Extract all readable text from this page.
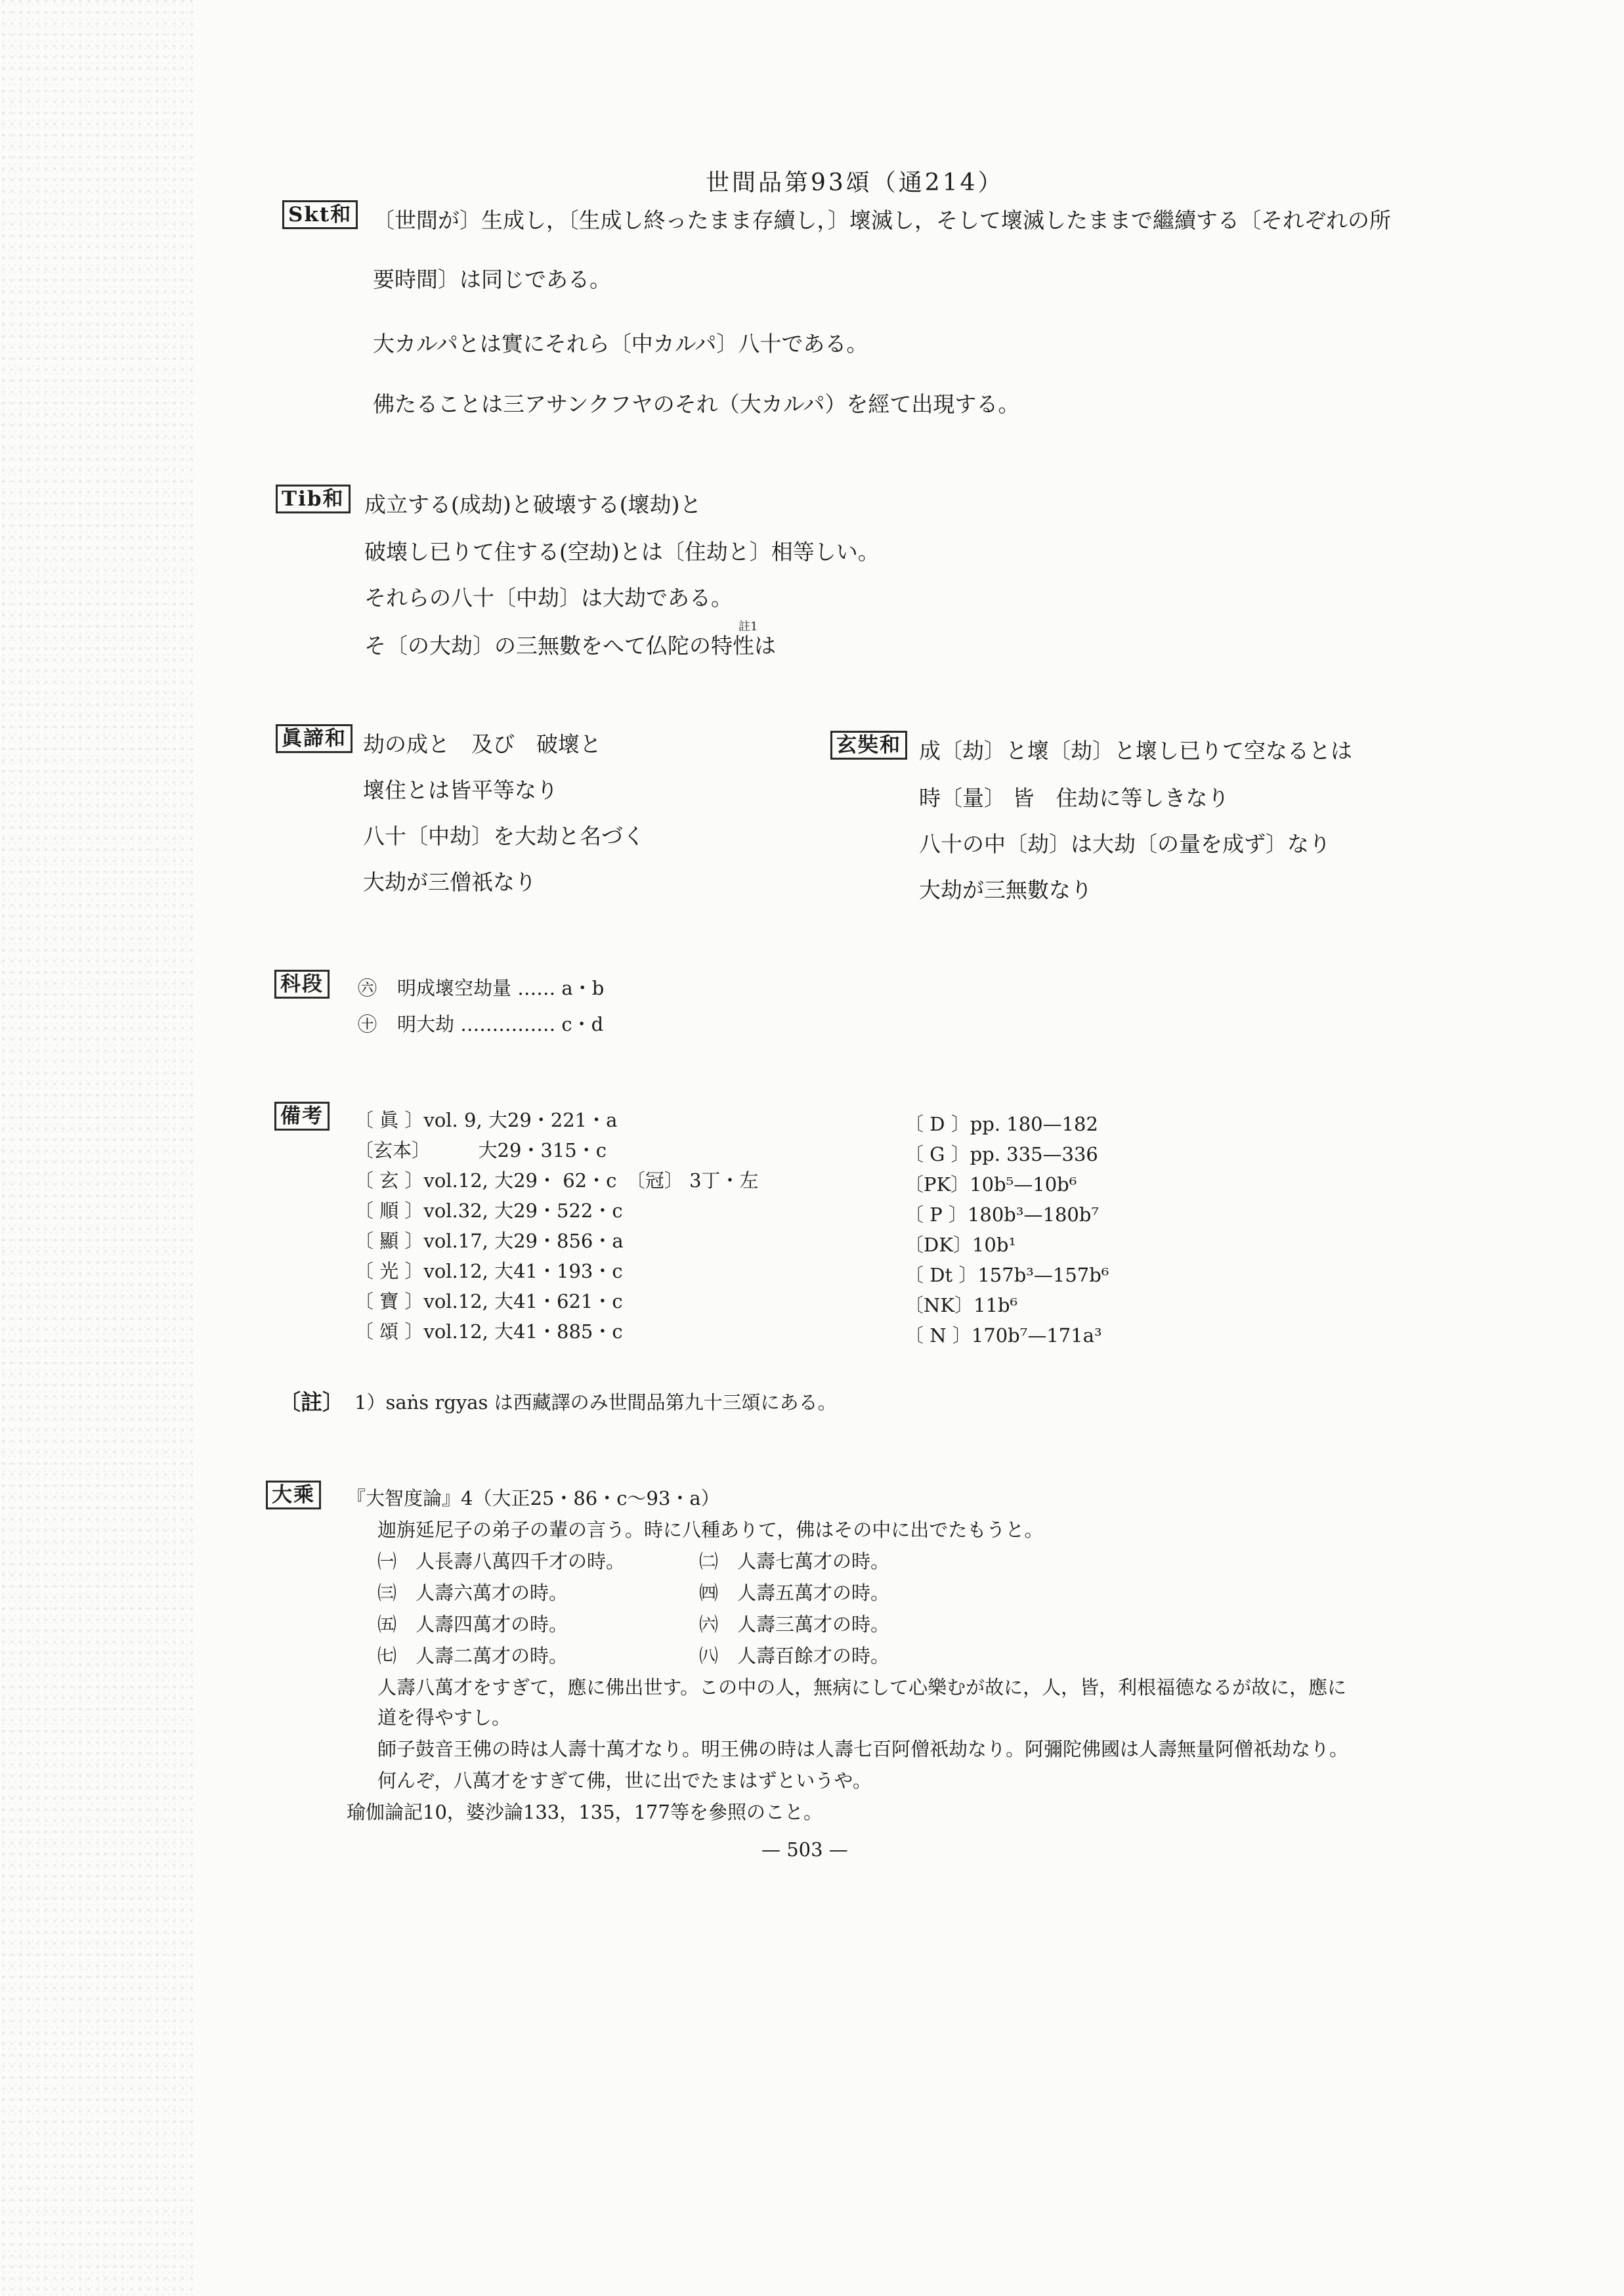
世間品第93頌（通214）
Skt和 〔世間が〕生成し，〔生成し終ったまま存續し，〕壞滅し，そして壞滅したままで繼續する〔それぞれの所
要時間〕は同じである。
大カルパとは實にそれら〔中カルパ〕八十である。
佛たることは三アサンクフヤのそれ（大カルパ）を經て出現する。
Tib和 成立する(成劫)と破壊する(壞劫)と
破壊し已りて住する(空劫)とは〔住劫と〕相等しい。
それらの八十〔中劫〕は大劫である。
そ〔の大劫〕の三無數をへて仏陀の特性は
註1
眞諦和 劫の成と　及び　破壞と
壞住とは皆平等なり
八十〔中劫〕を大劫と名づく
大劫が三僧祇なり
玄奘和 成〔劫〕と壞〔劫〕と壞し已りて空なるとは
時〔量〕 皆　住劫に等しきなり
八十の中〔劫〕は大劫〔の量を成ず〕なり
大劫が三無數なり
科段	㊅ 明成壞空劫量 …… a・b
㊉ 明大劫 …………… c・d
備考	〔 眞 〕vol. 9, 大29・221・a
〔玄本〕　　　大29・315・c
〔 玄 〕vol.12, 大29・ 62・c　〔冠〕 3丁・左
〔 順 〕vol.32, 大29・522・c
〔 顯 〕vol.17, 大29・856・a
〔 光 〕vol.12, 大41・193・c
〔 寶 〕vol.12, 大41・621・c
〔 頌 〕vol.12, 大41・885・c
〔 D 〕pp. 180—182
〔 G 〕pp. 335—336
〔PK〕10b⁵—10b⁶
〔 P 〕180b³—180b⁷
〔DK〕10b¹
〔 Dt 〕157b³—157b⁶
〔NK〕11b⁶
〔 N 〕170b⁷—171a³
〔註〕 1）saṅs rgyas は西藏譯のみ世間品第九十三頌にある。
大乘	『大智度論』4（大正25・86・c～93・a）
迦旃延尼子の弟子の輩の言う。時に八種ありて，佛はその中に出でたもうと。
㈠　人長壽八萬四千才の時。	㈡　人壽七萬才の時。
㈢　人壽六萬才の時。	㈣　人壽五萬才の時。
㈤　人壽四萬才の時。	㈥　人壽三萬才の時。
㈦　人壽二萬才の時。	㈧　人壽百餘才の時。
人壽八萬才をすぎて，應に佛出世す。この中の人，無病にして心樂むが故に，人，皆，利根福德なるが故に，應に
道を得やすし。
師子鼓音王佛の時は人壽十萬才なり。明王佛の時は人壽七百阿僧祇劫なり。阿彌陀佛國は人壽無量阿僧祇劫なり。
何んぞ，八萬才をすぎて佛，世に出でたまはずというや。
瑜伽論記10，婆沙論133，135，177等を參照のこと。
— 503 —
